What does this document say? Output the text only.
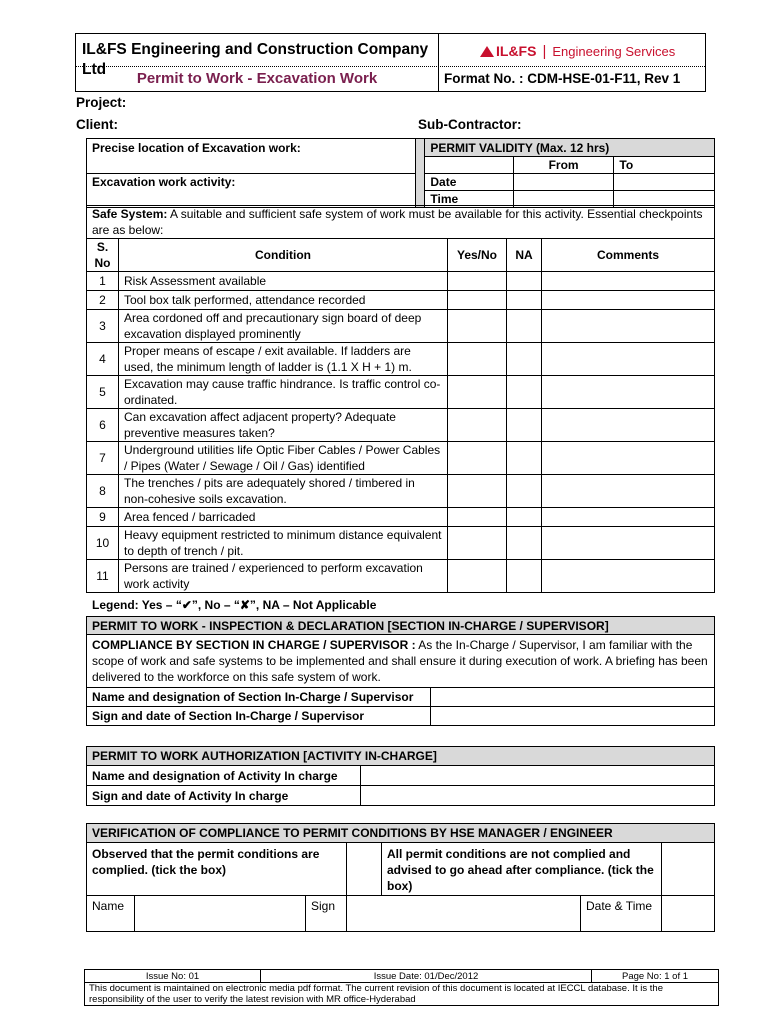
IL&FS Engineering and Construction Company Ltd
IL&FS | Engineering Services
Permit to Work - Excavation Work	Format No. : CDM-HSE-01-F11, Rev 1
Project:
Client:	Sub-Contractor:
Precise location of Excavation work:		PERMIT VALIDITY (Max. 12 hrs)		
			From	To
Excavation work activity:		Date		
		Time		
Safe System: A suitable and sufficient safe system of work must be available for this activity. Essential checkpoints are as below:				
S. No	Condition	Yes/No	NA	Comments
1	Risk Assessment available			
2	Tool box talk performed, attendance recorded			
3	Area cordoned off and precautionary sign board of deep excavation displayed prominently			
4	Proper means of escape / exit available. If ladders are used, the minimum length of ladder is (1.1 X H + 1) m.			
5	Excavation may cause traffic hindrance. Is traffic control co-ordinated.			
6	Can excavation affect adjacent property? Adequate preventive measures taken?			
7	Underground utilities life Optic Fiber Cables / Power Cables / Pipes (Water / Sewage / Oil / Gas) identified			
8	The trenches / pits are adequately shored / timbered in non-cohesive soils excavation.			
9	Area fenced / barricaded			
10	Heavy equipment restricted to minimum distance equivalent to depth of trench / pit.			
11	Persons are trained / experienced to perform excavation work activity			
Legend: Yes – “✔”, No – “✘”, NA – Not Applicable
PERMIT TO WORK - INSPECTION & DECLARATION [SECTION IN-CHARGE / SUPERVISOR]	
COMPLIANCE BY SECTION IN CHARGE / SUPERVISOR : As the In-Charge / Supervisor, I am familiar with the scope of work and safe systems to be implemented and shall ensure it during execution of work. A briefing has been delivered to the workforce on this safe system of work.	
Name and designation of Section In-Charge / Supervisor	
Sign and date of Section In-Charge / Supervisor	
PERMIT TO WORK AUTHORIZATION [ACTIVITY IN-CHARGE]	
Name and designation of Activity In charge	
Sign and date of Activity In charge	
VERIFICATION OF COMPLIANCE TO PERMIT CONDITIONS BY HSE MANAGER / ENGINEER						
Observed that the permit conditions are complied. (tick the box)				All permit conditions are not complied and advised to go ahead after compliance. (tick the box)		
Name		Sign			Date & Time	
Issue No: 01	Issue Date: 01/Dec/2012	Page No: 1 of 1
This document is maintained on electronic media pdf format. The current revision of this document is located at IECCL database. It is the responsibility of the user to verify the latest revision with MR office-Hyderabad
